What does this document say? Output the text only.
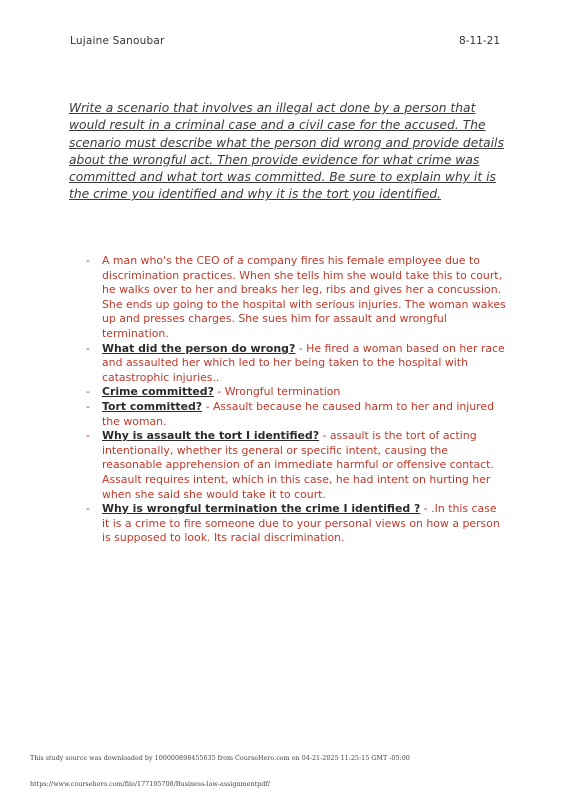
Lujaine Sanoubar	8-11-21

Write a scenario that involves an illegal act done by a person that would result in a criminal case and a civil case for the accused. The scenario must describe what the person did wrong and provide details about the wrongful act. Then provide evidence for what crime was committed and what tort was committed. Be sure to explain why it is the crime you identified and why it is the tort you identified.

- A man who's the CEO of a company fires his female employee due to discrimination practices. When she tells him she would take this to court, he walks over to her and breaks her leg, ribs and gives her a concussion. She ends up going to the hospital with serious injuries. The woman wakes up and presses charges. She sues him for assault and wrongful termination.
- What did the person do wrong? - He fired a woman based on her race and assaulted her which led to her being taken to the hospital with catastrophic injuries..
- Crime committed? - Wrongful termination
- Tort committed? - Assault because he caused harm to her and injured the woman.
- Why is assault the tort I identified? - assault is the tort of acting intentionally, whether its general or specific intent, causing the reasonable apprehension of an immediate harmful or offensive contact. Assault requires intent, which in this case, he had intent on hurting her when she said she would take it to court.
- Why is wrongful termination the crime I identified ? - .In this case it is a crime to fire someone due to your personal views on how a person is supposed to look. Its racial discrimination.
This study source was downloaded by 100000898455635 from CourseHero.com on 04-21-2025 11:25:15 GMT -05:00
https://www.coursehero.com/file/177195708/Business-law-assignmentpdf/
